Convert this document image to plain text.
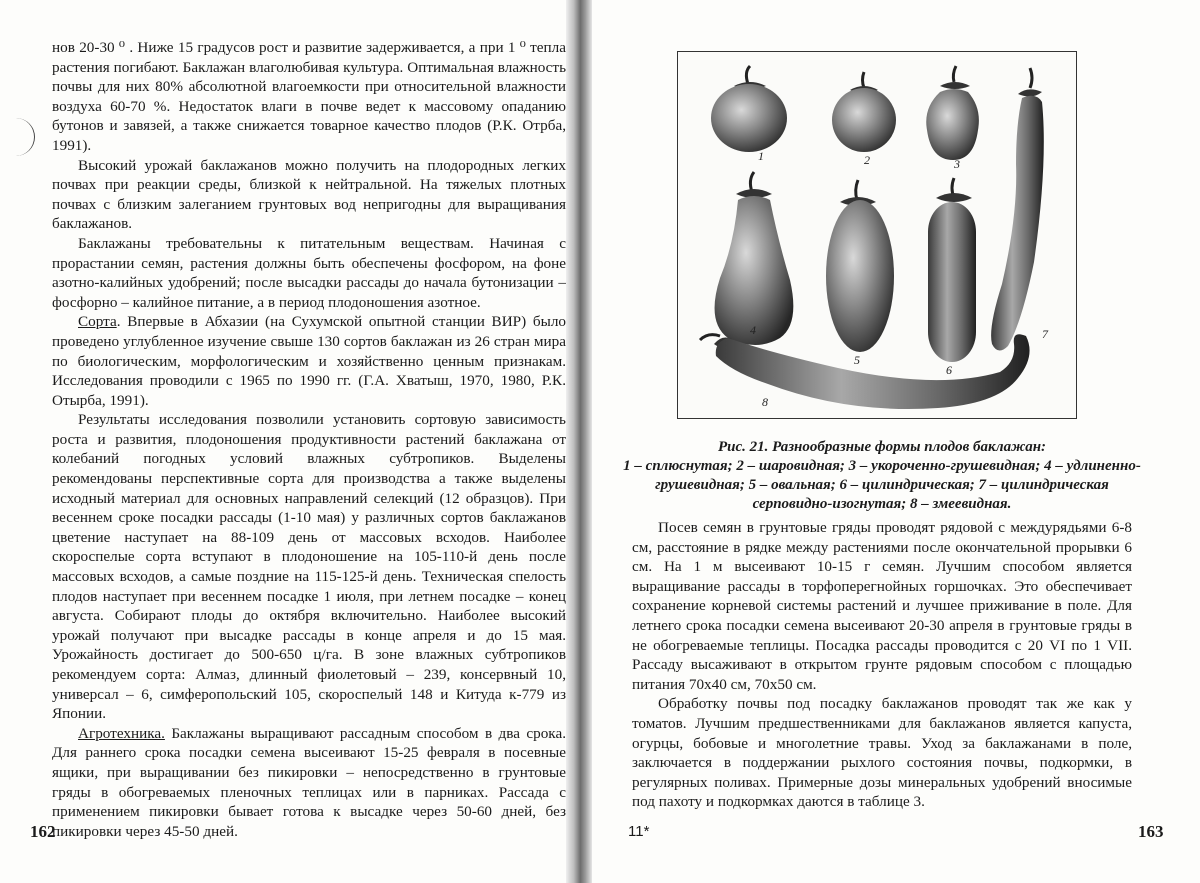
нов 20-30 ⁰ . Ниже 15 градусов рост и развитие задерживается, а при 1 ⁰ тепла растения погибают. Баклажан влаголюбивая культура. Оптимальная влажность почвы для них 80% абсолютной влагоемкости при относительной влажности воздуха 60-70 %. Недостаток влаги в почве ведет к массовому опаданию бутонов и завязей, а также снижается товарное качество плодов (Р.К. Отрба, 1991).

Высокий урожай баклажанов можно получить на плодородных легких почвах при реакции среды, близкой к нейтральной. На тяжелых плотных почвах с близким залеганием грунтовых вод непригодны для выращивания баклажанов.

Баклажаны требовательны к питательным веществам. Начиная с прорастании семян, растения должны быть обеспечены фосфором, на фоне азотно-калийных удобрений; после высадки рассады до начала бутонизации – фосфорно – калийное питание, а в период плодоношения азотное.

Сорта. Впервые в Абхазии (на Сухумской опытной станции ВИР) было проведено углубленное изучение свыше 130 сортов баклажан из 26 стран мира по биологическим, морфологическим и хозяйственно ценным признакам. Исследования проводили с 1965 по 1990 гг. (Г.А. Хватыш, 1970, 1980, Р.К. Отырба, 1991).

Результаты исследования позволили установить сортовую зависимость роста и развития, плодоношения продуктивности растений баклажана от колебаний погодных условий влажных субтропиков. Выделены рекомендованы перспективные сорта для производства а также выделены исходный материал для основных направлений селекций (12 образцов). При весеннем сроке посадки рассады (1-10 мая) у различных сортов баклажанов цветение наступает на 88-109 день от массовых всходов. Наиболее скороспелые сорта вступают в плодоношение на 105-110-й день после массовых всходов, а самые поздние на 115-125-й день. Техническая спелость плодов наступает при весеннем посадке 1 июля, при летнем посадке – конец августа. Собирают плоды до октября включительно. Наиболее высокий урожай получают при высадке рассады в конце апреля и до 15 мая. Урожайность достигает до 500-650 ц/га. В зоне влажных субтропиков рекомендуем сорта: Алмаз, длинный фиолетовый – 239, консервный 10, универсал – 6, симферопольский 105, скороспелый 148 и Китуда к-779 из Японии.

Агротехника. Баклажаны выращивают рассадным способом в два срока. Для раннего срока посадки семена высеивают 15-25 февраля в посевные ящики, при выращивании без пикировки – непосредственно в грунтовые гряды в обогреваемых пленочных теплицах или в парниках. Рассада с применением пикировки бывает готова к высадке через 50-60 дней, без пикировки через 45-50 дней.

162
1	2	3
4
5
6
7
8
Рис. 21. Разнообразные формы плодов баклажан:
1 – сплюснутая; 2 – шаровидная; 3 – укороченно-грушевидная; 4 – удлиненно-грушевидная; 5 – овальная; 6 – цилиндрическая; 7 – цилиндрическая серповидно-изогнутая; 8 – змеевидная.

Посев семян в грунтовые гряды проводят рядовой с междурядьями 6-8 см, расстояние в рядке между растениями после окончательной прорывки 6 см. На 1 м высеивают 10-15 г семян. Лучшим способом является выращивание рассады в торфоперегнойных горшочках. Это обеспечивает сохранение корневой системы растений и лучшее приживание в поле. Для летнего срока посадки семена высеивают 20-30 апреля в грунтовые гряды в не обогреваемые теплицы. Посадка рассады проводится с 20 VI по 1 VII. Рассаду высаживают в открытом грунте рядовым способом с площадью питания 70х40 см, 70х50 см.

Обработку почвы под посадку баклажанов проводят так же как у томатов. Лучшим предшественниками для баклажанов является капуста, огурцы, бобовые и многолетние травы. Уход за баклажанами в поле, заключается в поддержании рыхлого состояния почвы, подкормки, в регулярных поливах. Примерные дозы минеральных удобрений вносимые под пахоту и подкормках даются в таблице 3.

11*	163
